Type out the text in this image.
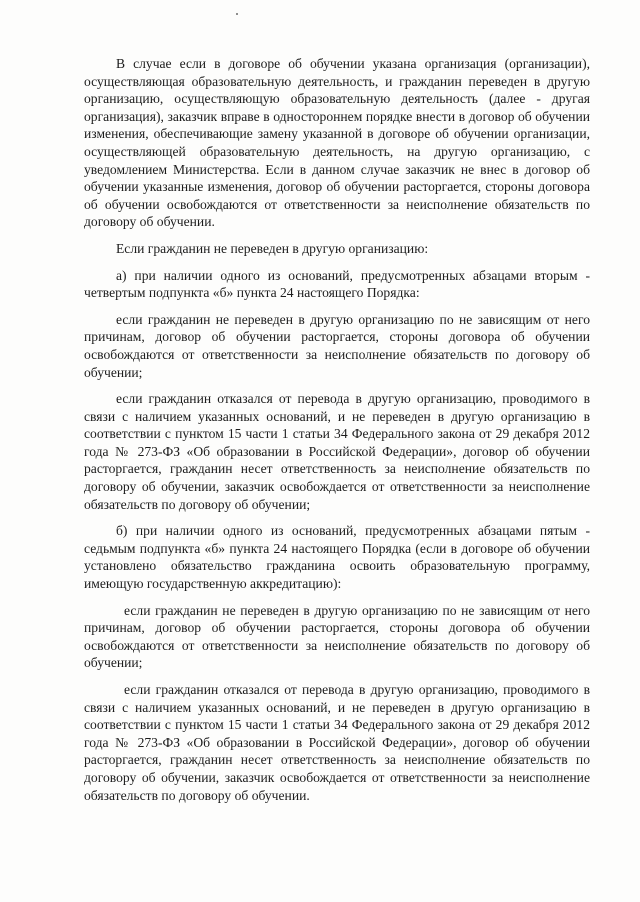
В случае если в договоре об обучении указана организация (организации), осуществляющая образовательную деятельность, и гражданин переведен в другую организацию, осуществляющую образовательную деятельность (далее - другая организация), заказчик вправе в одностороннем порядке внести в договор об обучении изменения, обеспечивающие замену указанной в договоре об обучении организации, осуществляющей образовательную деятельность, на другую организацию, с уведомлением Министерства. Если в данном случае заказчик не внес в договор об обучении указанные изменения, договор об обучении расторгается, стороны договора об обучении освобождаются от ответственности за неисполнение обязательств по договору об обучении.

Если гражданин не переведен в другую организацию:

а) при наличии одного из оснований, предусмотренных абзацами вторым - четвертым подпункта «б» пункта 24 настоящего Порядка:

если гражданин не переведен в другую организацию по не зависящим от него причинам, договор об обучении расторгается, стороны договора об обучении освобождаются от ответственности за неисполнение обязательств по договору об обучении;

если гражданин отказался от перевода в другую организацию, проводимого в связи с наличием указанных оснований, и не переведен в другую организацию в соответствии с пунктом 15 части 1 статьи 34 Федерального закона от 29 декабря 2012 года № 273-ФЗ «Об образовании в Российской Федерации», договор об обучении расторгается, гражданин несет ответственность за неисполнение обязательств по договору об обучении, заказчик освобождается от ответственности за неисполнение обязательств по договору об обучении;

б) при наличии одного из оснований, предусмотренных абзацами пятым - седьмым подпункта «б» пункта 24 настоящего Порядка (если в договоре об обучении установлено обязательство гражданина освоить образовательную программу, имеющую государственную аккредитацию):

если гражданин не переведен в другую организацию по не зависящим от него причинам, договор об обучении расторгается, стороны договора об обучении освобождаются от ответственности за неисполнение обязательств по договору об обучении;

если гражданин отказался от перевода в другую организацию, проводимого в связи с наличием указанных оснований, и не переведен в другую организацию в соответствии с пунктом 15 части 1 статьи 34 Федерального закона от 29 декабря 2012 года № 273-ФЗ «Об образовании в Российской Федерации», договор об обучении расторгается, гражданин несет ответственность за неисполнение обязательств по договору об обучении, заказчик освобождается от ответственности за неисполнение обязательств по договору об обучении.
